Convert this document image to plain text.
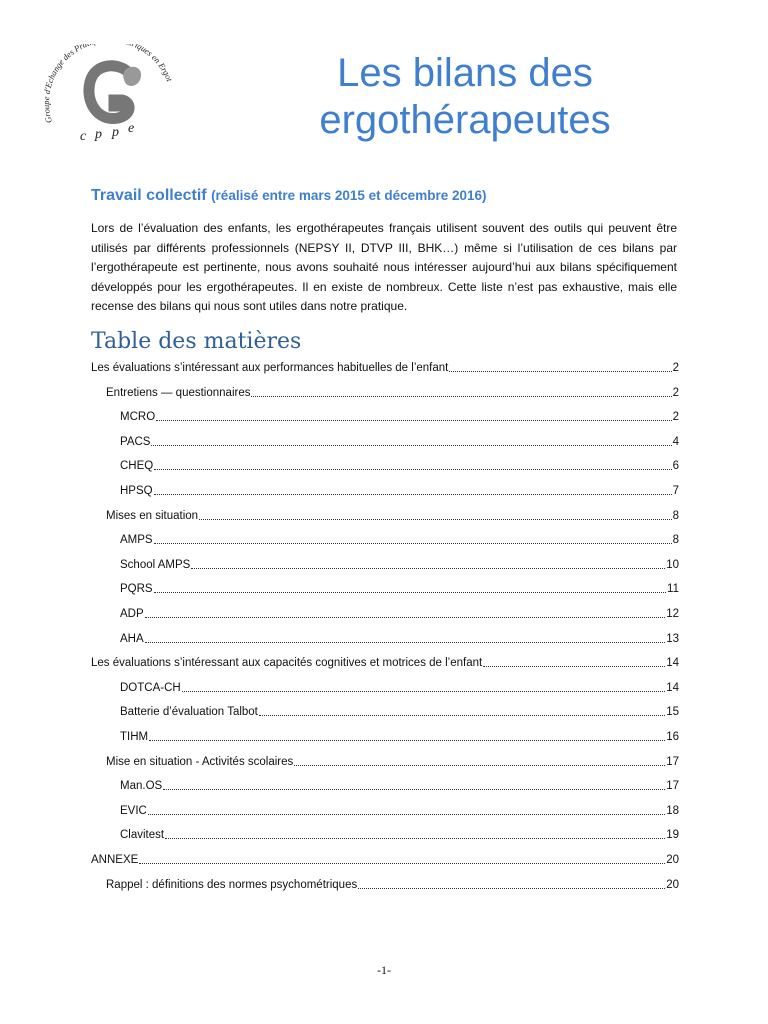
Groupe d'Echange des Pra iques en Ergot
c p p e
Les bilans des
ergothérapeutes
Travail collectif (réalisé entre mars 2015 et décembre 2016)
Lors de l’évaluation des enfants, les ergothérapeutes français utilisent souvent des outils qui peuvent être utilisés par différents professionnels (NEPSY II, DTVP III, BHK…) même si l’utilisation de ces bilans par l’ergothérapeute est pertinente, nous avons souhaité nous intéresser aujourd’hui aux bilans spécifiquement développés pour les ergothérapeutes. Il en existe de nombreux. Cette liste n’est pas exhaustive, mais elle recense des bilans qui nous sont utiles dans notre pratique.
Table des matières
Les évaluations s’intéressant aux performances habituelles de l’enfant	2
Entretiens — questionnaires	2
MCRO	2
PACS	4
CHEQ	6
HPSQ	7
Mises en situation	8
AMPS	8
School AMPS	10
PQRS	11
ADP	12
AHA	13
Les évaluations s’intéressant aux capacités cognitives et motrices de l’enfant	14
DOTCA-CH	14
Batterie d’évaluation Talbot	15
TIHM	16
Mise en situation - Activités scolaires	17
Man.OS	17
EVIC	18
Clavitest	19
ANNEXE	20
Rappel : définitions des normes psychométriques	20
-1-
